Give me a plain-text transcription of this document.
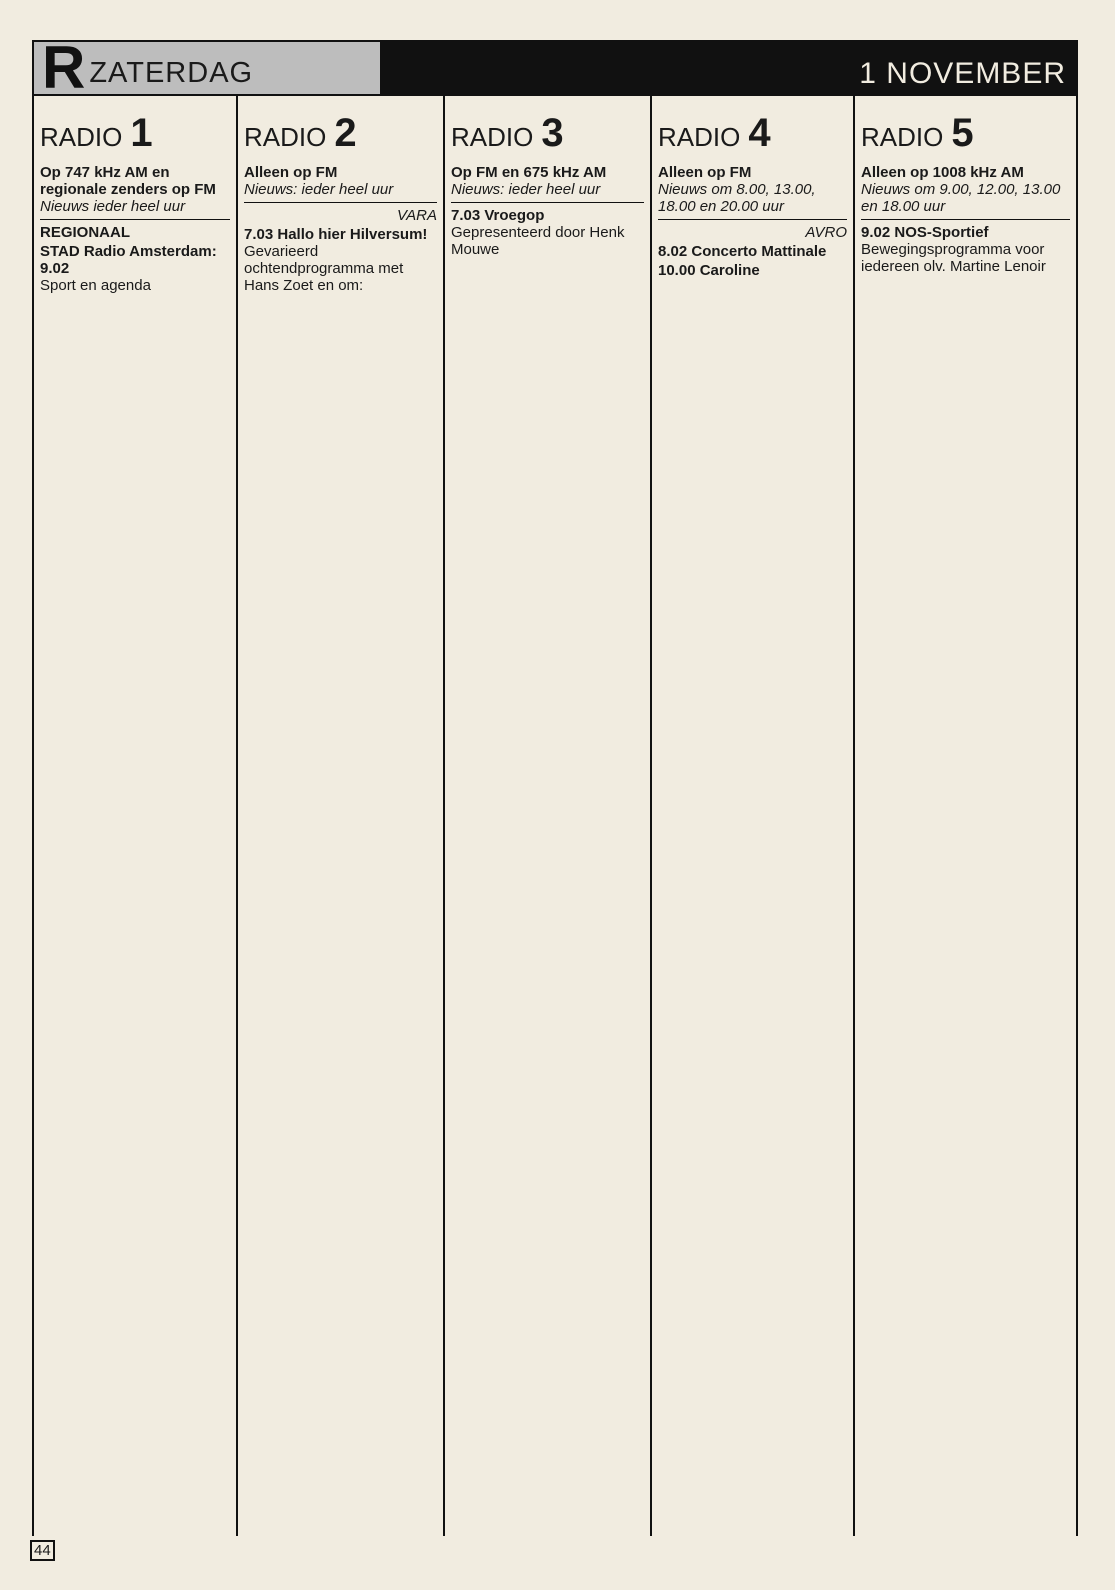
R ZATERDAG	1 NOVEMBER
RADIO 1
Op 747 kHz AM en regionale zenders op FM
Nieuws ieder heel uur
REGIONAAL
STAD Radio Amsterdam: 9.02
Sport en agenda
RADIO 2
Alleen op FM
Nieuws: ieder heel uur
VARA
7.03 Hallo hier Hilversum!
Gevarieerd ochtendprogramma met Hans Zoet en om:
RADIO 3
Op FM en 675 kHz AM
Nieuws: ieder heel uur
7.03 Vroegop
Gepresenteerd door Henk Mouwe
RADIO 4
Alleen op FM
Nieuws om 8.00, 13.00, 18.00 en 20.00 uur
AVRO
8.02 Concerto Mattinale
10.00 Caroline
RADIO 5
Alleen op 1008 kHz AM
Nieuws om 9.00, 12.00, 13.00 en 18.00 uur
9.02 NOS-Sportief
Bewegingsprogramma voor iedereen olv. Martine Lenoir
44
